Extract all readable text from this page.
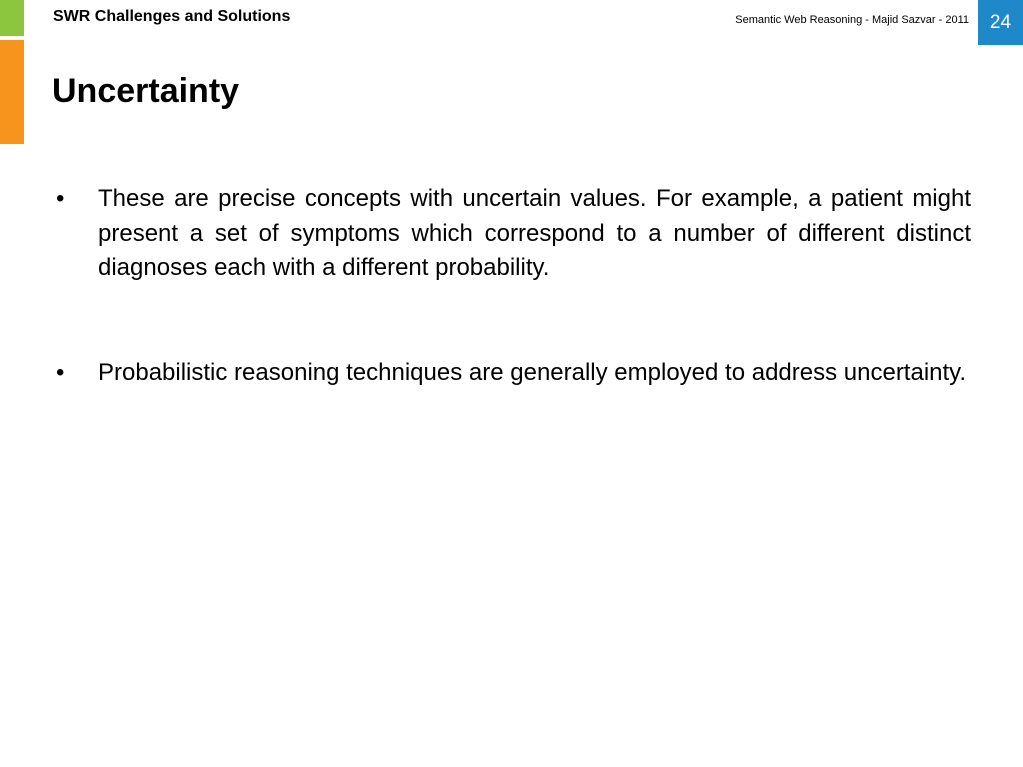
SWR Challenges and Solutions	Semantic Web Reasoning - Majid Sazvar - 2011	24
Uncertainty
• These are precise concepts with uncertain values. For example, a patient might present a set of symptoms which correspond to a number of different distinct diagnoses each with a different probability.
• Probabilistic reasoning techniques are generally employed to address uncertainty.
